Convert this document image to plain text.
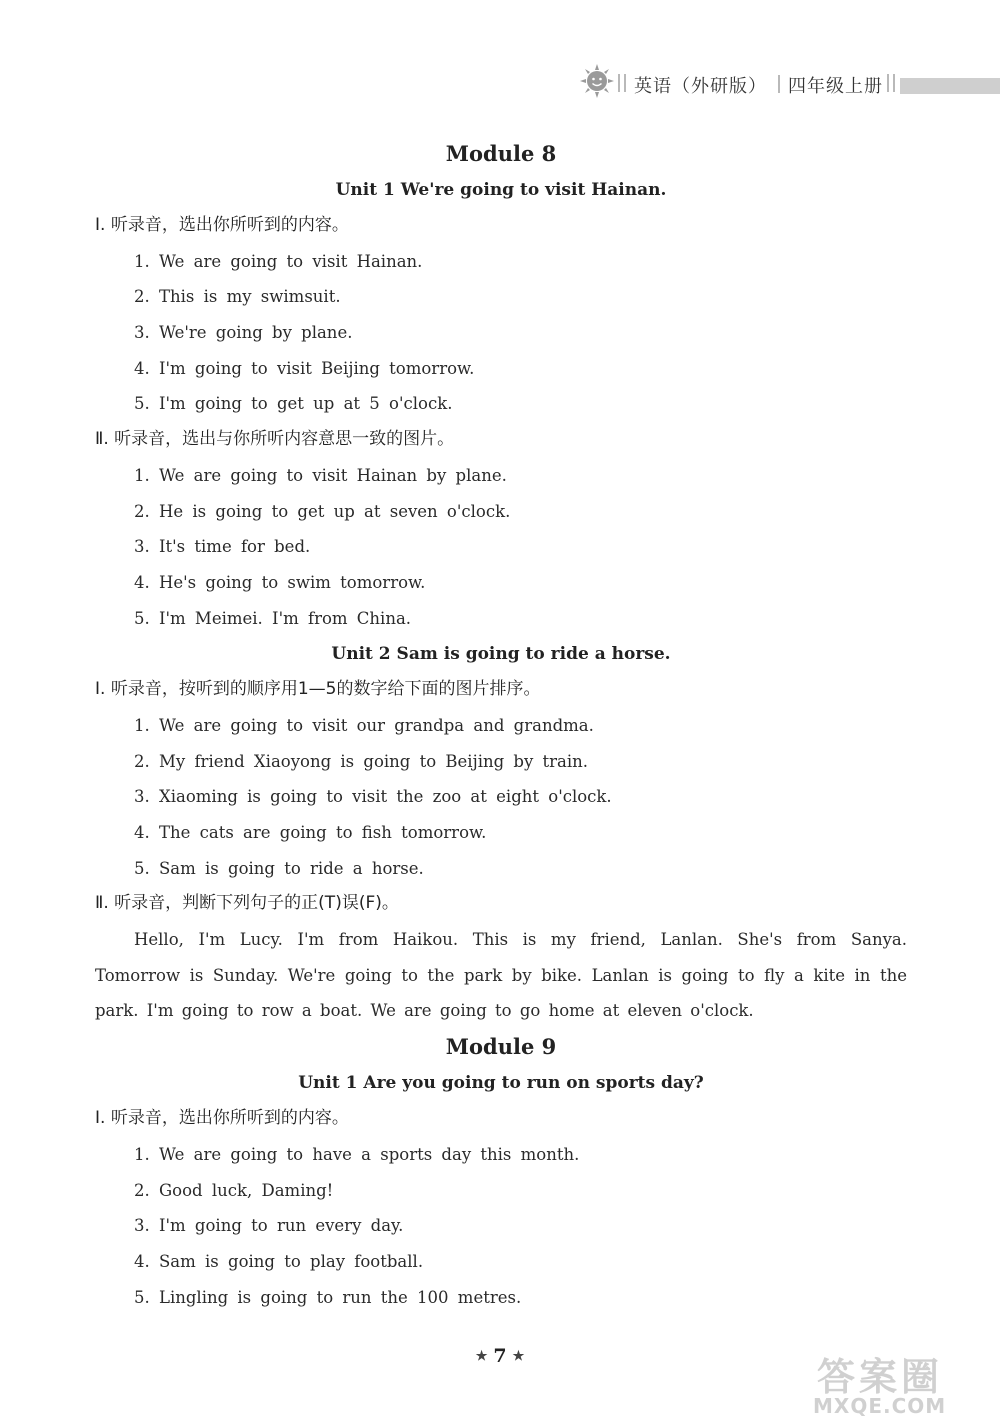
英语（外研版） 四年级上册
Module 8
Unit 1 We're going to visit Hainan.
Ⅰ. 听录音，选出你所听到的内容。
1. We are going to visit Hainan.
2. This is my swimsuit.
3. We're going by plane.
4. I'm going to visit Beijing tomorrow.
5. I'm going to get up at 5 o'clock.
Ⅱ. 听录音，选出与你所听内容意思一致的图片。
1. We are going to visit Hainan by plane.
2. He is going to get up at seven o'clock.
3. It's time for bed.
4. He's going to swim tomorrow.
5. I'm Meimei. I'm from China.
Unit 2 Sam is going to ride a horse.
Ⅰ. 听录音，按听到的顺序用1—5的数字给下面的图片排序。
1. We are going to visit our grandpa and grandma.
2. My friend Xiaoyong is going to Beijing by train.
3. Xiaoming is going to visit the zoo at eight o'clock.
4. The cats are going to fish tomorrow.
5. Sam is going to ride a horse.
Ⅱ. 听录音，判断下列句子的正(T)误(F)。
Hello, I'm Lucy. I'm from Haikou. This is my friend, Lanlan. She's from Sanya. Tomorrow is Sunday. We're going to the park by bike. Lanlan is going to fly a kite in the park. I'm going to row a boat. We are going to go home at eleven o'clock.
Module 9
Unit 1 Are you going to run on sports day?
Ⅰ. 听录音，选出你所听到的内容。
1. We are going to have a sports day this month.
2. Good luck, Daming!
3. I'm going to run every day.
4. Sam is going to play football.
5. Lingling is going to run the 100 metres.
★ 7 ★	答案圈
MXQE.COM
